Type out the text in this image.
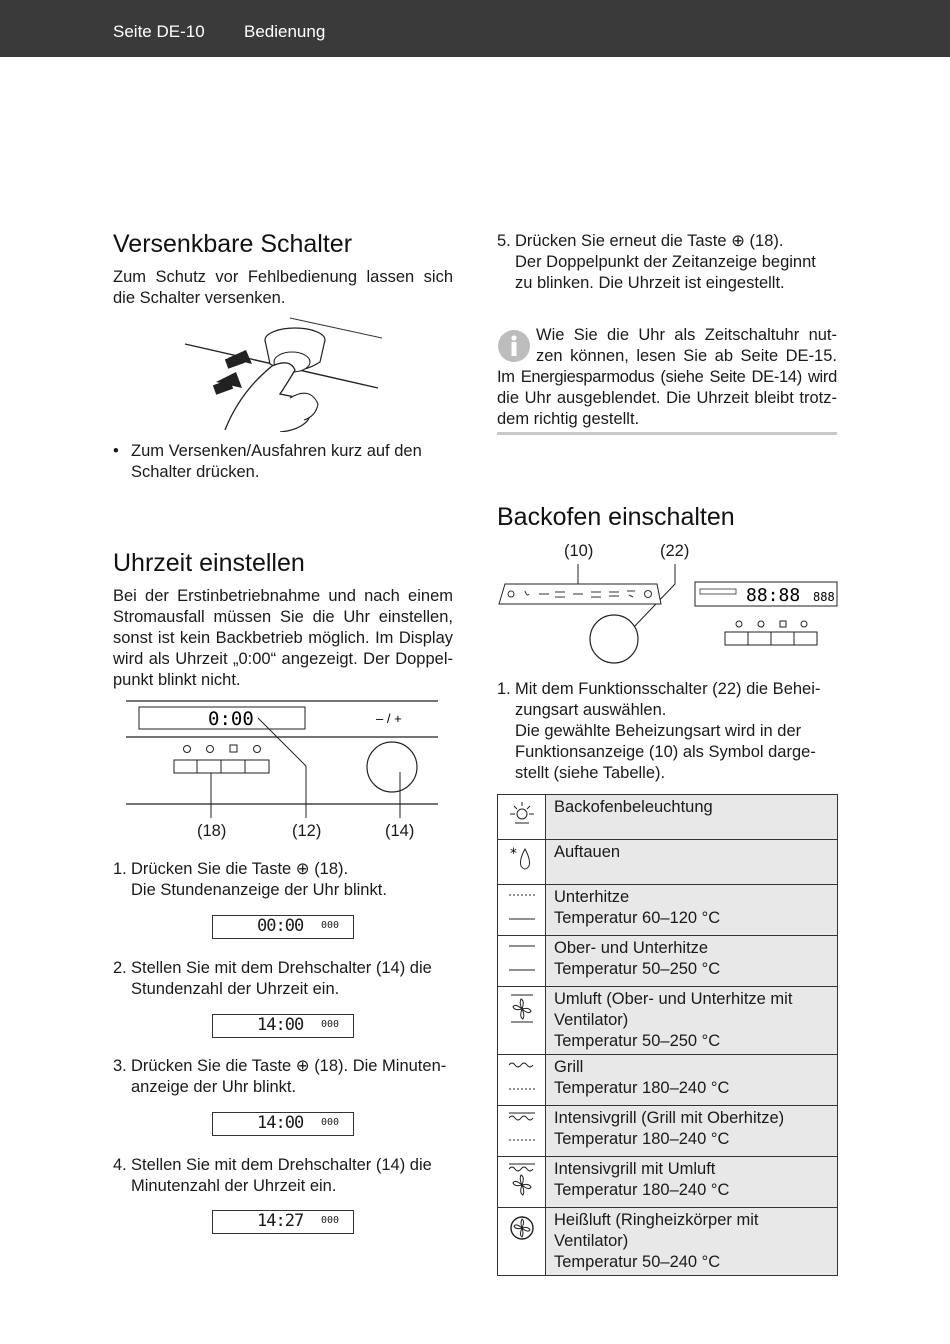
Seite DE-10 Bedienung
Versenkbare Schalter
Zum Schutz vor Fehlbedienung lassen sich
die Schalter versenken.
• Zum Versenken/Ausfahren kurz auf den
Schalter drücken.
Uhrzeit einstellen
Bei der Erstinbetriebnahme und nach einem
Stromausfall müssen Sie die Uhr einstellen,
sonst ist kein Backbetrieb möglich. Im Display
wird als Uhrzeit „0:00“ angezeigt. Der Doppel-
punkt blinkt nicht.
0:00	– / +
(18)	(12)	(14)
1. Drücken Sie die Taste ⊕ (18).
Die Stundenanzeige der Uhr blinkt.
00:00 000
2. Stellen Sie mit dem Drehschalter (14) die
Stundenzahl der Uhrzeit ein.
14:00 000
3. Drücken Sie die Taste ⊕ (18). Die Minuten-
anzeige der Uhr blinkt.
14:00 000
4. Stellen Sie mit dem Drehschalter (14) die
Minutenzahl der Uhrzeit ein.
14:27 000
5. Drücken Sie erneut die Taste ⊕ (18).
Der Doppelpunkt der Zeitanzeige beginnt
zu blinken. Die Uhrzeit ist eingestellt.
Wie Sie die Uhr als Zeitschaltuhr nut-
zen können, lesen Sie ab Seite DE-15.
Im Energiesparmodus (siehe Seite DE-14) wird
die Uhr ausgeblendet. Die Uhrzeit bleibt trotz-
dem richtig gestellt.
Backofen einschalten
(10)	(22)
88:88 888
1. Mit dem Funktionsschalter (22) die Behei-
zungsart auswählen.
Die gewählte Beheizungsart wird in der
Funktionsanzeige (10) als Symbol darge-
stellt (siehe Tabelle).

Backofenbeleuchtung

*	Auftauen

Unterhitze
Temperatur 60–120 °C

Ober- und Unterhitze
Temperatur 50–250 °C

Umluft (Ober- und Unterhitze mit
Ventilator)
Temperatur 50–250 °C

Grill
Temperatur 180–240 °C

Intensivgrill (Grill mit Oberhitze)
Temperatur 180–240 °C

Intensivgrill mit Umluft
Temperatur 180–240 °C

Heißluft (Ringheizkörper mit
Ventilator)
Temperatur 50–240 °C
